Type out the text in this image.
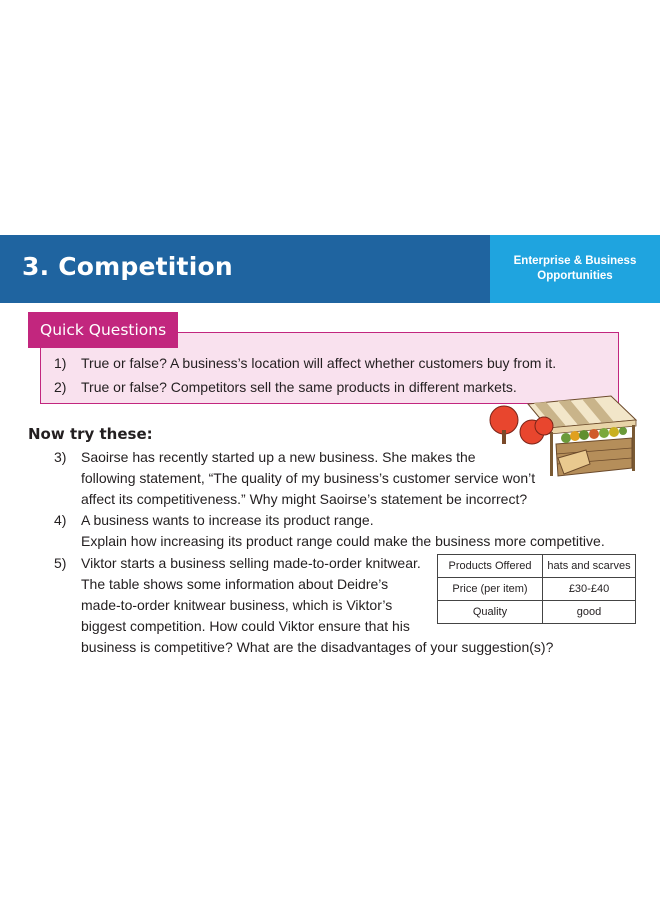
3. Competition	Enterprise & Business
Opportunities
Quick Questions
1) True or false? A business’s location will affect whether customers buy from it.
2) True or false? Competitors sell the same products in different markets.
Now try these:
3) Saoirse has recently started up a new business. She makes the
following statement, “The quality of my business’s customer service won’t
affect its competitiveness.” Why might Saoirse’s statement be incorrect?
4) A business wants to increase its product range.
Explain how increasing its product range could make the business more competitive.
5) Viktor starts a business selling made-to-order knitwear.
The table shows some information about Deidre’s
made-to-order knitwear business, which is Viktor’s
biggest competition. How could Viktor ensure that his
business is competitive? What are the disadvantages of your suggestion(s)?
Products Offered	hats and scarves
Price (per item)	£30-£40
Quality	good
